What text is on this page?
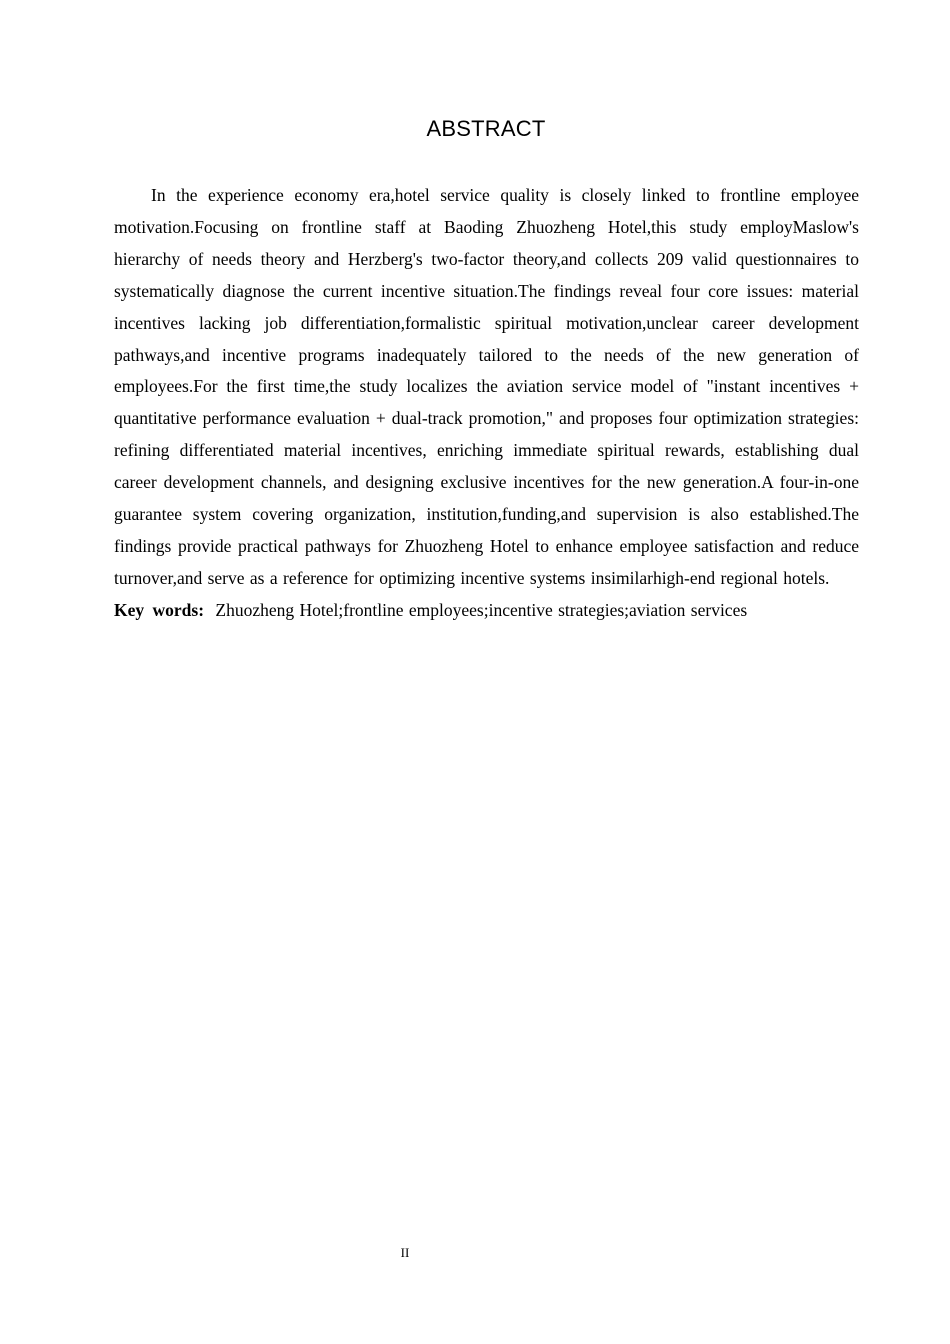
ABSTRACT

In the experience economy era,hotel service quality is closely linked to frontline employee motivation.Focusing on frontline staff at Baoding Zhuozheng Hotel,this study employMaslow's hierarchy of needs theory and Herzberg's two-factor theory,and collects 209 valid questionnaires to systematically diagnose the current incentive situation.The findings reveal four core issues: material incentives lacking job differentiation,formalistic spiritual motivation,unclear career development pathways,and incentive programs inadequately tailored to the needs of the new generation of employees.For the first time,the study localizes the aviation service model of "instant incentives + quantitative performance evaluation + dual-track promotion," and proposes four optimization strategies: refining differentiated material incentives, enriching immediate spiritual rewards, establishing dual career development channels, and designing exclusive incentives for the new generation.A four-in-one guarantee system covering organization, institution,funding,and supervision is also established.The findings provide practical pathways for Zhuozheng Hotel to enhance employee satisfaction and reduce turnover,and serve as a reference for optimizing incentive systems insimilarhigh-end regional hotels.

Key words: Zhuozheng Hotel;frontline employees;incentive strategies;aviation services

II
